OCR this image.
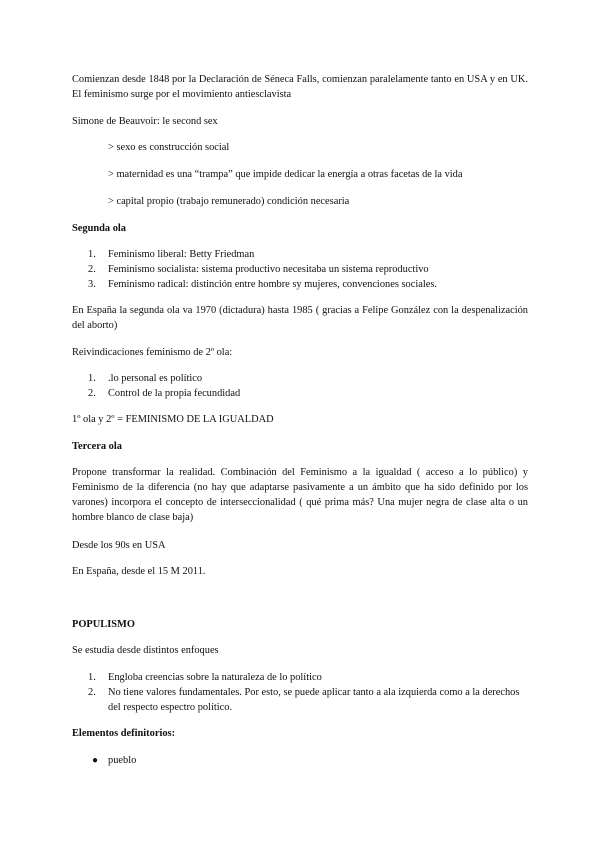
Comienzan desde 1848 por la Declaración de Séneca Falls, comienzan paralelamente tanto en USA y en UK. El feminismo surge por el movimiento antiesclavista
Simone de Beauvoir: le second sex
> sexo es construcción social
> maternidad es una “trampa” que impide dedicar la energía a otras facetas de la vida
> capital propio (trabajo remunerado) condición necesaria
Segunda ola
1.	Feminismo liberal: Betty Friedman
2.	Feminismo socialista: sistema productivo necesitaba un sistema reproductivo
3.	Feminismo radical: distinción entre hombre sy mujeres, convenciones sociales.
En España la segunda ola va 1970 (dictadura) hasta 1985 ( gracias a Felipe González con la despenalización del aborto)
Reivindicaciones feminismo de 2º ola:
1.	.lo personal es político
2.	Control de la propia fecundidad
1º ola y 2º = FEMINISMO DE LA IGUALDAD
Tercera ola
Propone transformar la realidad. Combinación del Feminismo a la igualdad ( acceso a lo público) y Feminismo de la diferencia (no hay que adaptarse pasivamente a un ámbito que ha sido definido por los varones) incorpora el concepto de interseccionalidad ( qué prima más? Una mujer negra de clase alta o un hombre blanco de clase baja)
Desde los 90s en USA
En España, desde el 15 M 2011.
POPULISMO
Se estudia desde distintos enfoques
1.	Engloba creencias sobre la naturaleza de lo político
2.	No tiene valores fundamentales. Por esto, se puede aplicar tanto a ala izquierda como a la derechos del respecto espectro político.
Elementos definitorios:
● pueblo
